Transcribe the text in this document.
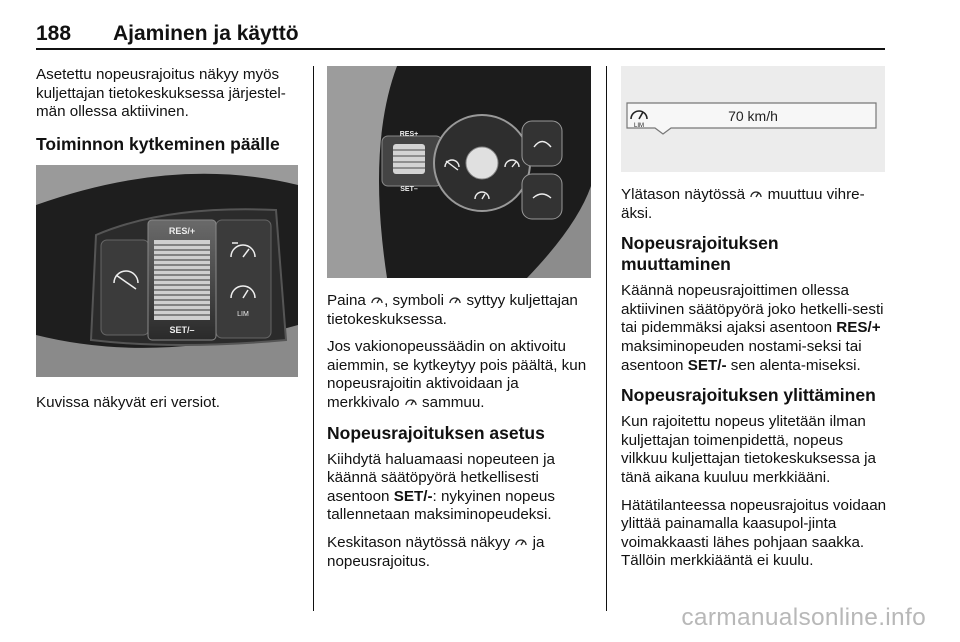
188 Ajaminen ja käyttö

Asetettu nopeusrajoitus näkyy myös kuljettajan tietokeskuksessa järjestel-män ollessa aktiivinen.

Toiminnon kytkeminen päälle
RES/+
SET/–
LIM

Kuvissa näkyvät eri versiot.

RES+
SET–

Paina , symboli  syttyy kuljettajan tietokeskuksessa.

Jos vakionopeussäädin on aktivoitu aiemmin, se kytkeytyy pois päältä, kun nopeusrajoitin aktivoidaan ja merkkivalo  sammuu.

Nopeusrajoituksen asetus

Kiihdytä haluamaasi nopeuteen ja käännä säätöpyörä hetkellisesti asentoon SET/-: nykyinen nopeus tallennetaan maksiminopeudeksi.

Keskitason näytössä näkyy  ja nopeusrajoitus.

LIM
70 km/h

Ylätason näytössä  muuttuu vihre-äksi.

Nopeusrajoituksen muuttaminen

Käännä nopeusrajoittimen ollessa aktiivinen säätöpyörä joko hetkelli-sesti tai pidemmäksi ajaksi asentoon RES/+ maksiminopeuden nostami-seksi tai asentoon SET/- sen alenta-miseksi.

Nopeusrajoituksen ylittäminen

Kun rajoitettu nopeus ylitetään ilman kuljettajan toimenpidettä, nopeus vilkkuu kuljettajan tietokeskuksessa ja tänä aikana kuuluu merkkiääni.

Hätätilanteessa nopeusrajoitus voidaan ylittää painamalla kaasupol-jinta voimakkaasti lähes pohjaan saakka. Tällöin merkkiääntä ei kuulu.

carmanualsonline.info
